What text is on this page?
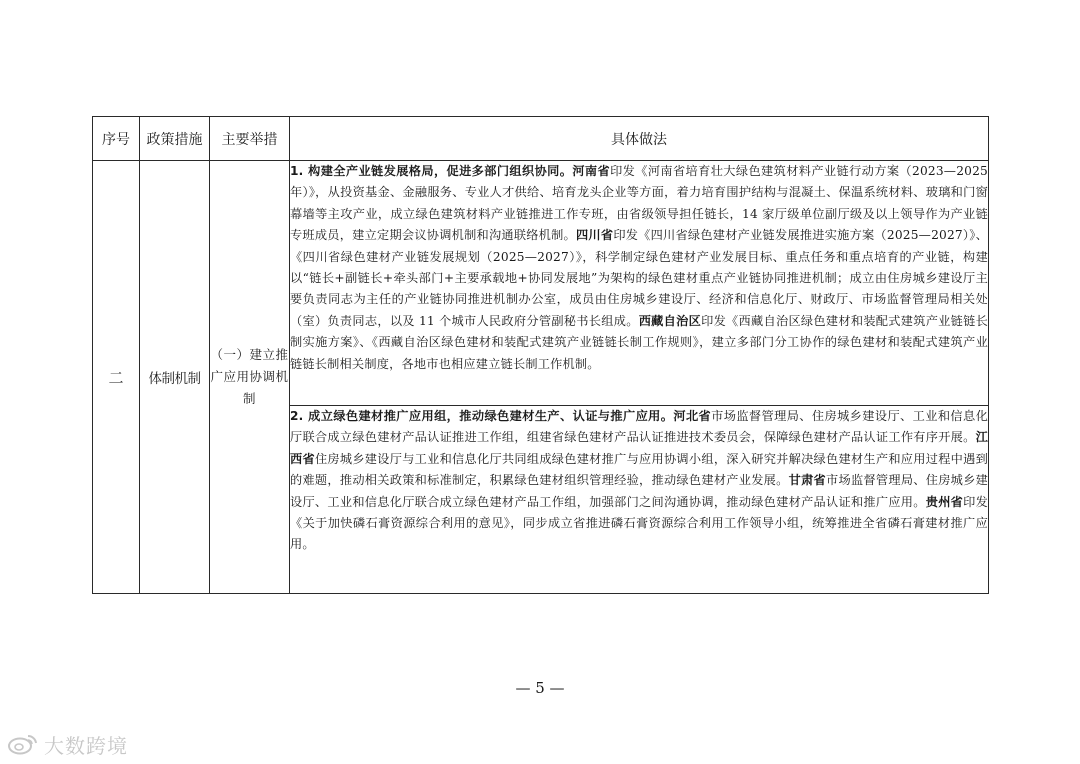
序号	政策措施	主要举措	具体做法
二	体制机制	（一）建立推广应用协调机制	1. 构建全产业链发展格局，促进多部门组织协同。河南省印发《河南省培育壮大绿色建筑材料产业链行动方案（2023—2025 年）》，从投资基金、金融服务、专业人才供给、培育龙头企业等方面，着力培育围护结构与混凝土、保温系统材料、玻璃和门窗幕墙等主攻产业，成立绿色建筑材料产业链推进工作专班，由省级领导担任链长，14 家厅级单位副厅级及以上领导作为产业链专班成员，建立定期会议协调机制和沟通联络机制。四川省印发《四川省绿色建材产业链发展推进实施方案（2025—2027）》、《四川省绿色建材产业链发展规划（2025—2027）》，科学制定绿色建材产业发展目标、重点任务和重点培育的产业链，构建以“链长+副链长+牵头部门+主要承载地+协同发展地”为架构的绿色建材重点产业链协同推进机制；成立由住房城乡建设厅主要负责同志为主任的产业链协同推进机制办公室，成员由住房城乡建设厅、经济和信息化厅、财政厅、市场监督管理局相关处（室）负责同志，以及 11 个城市人民政府分管副秘书长组成。西藏自治区印发《西藏自治区绿色建材和装配式建筑产业链链长制实施方案》、《西藏自治区绿色建材和装配式建筑产业链链长制工作规则》，建立多部门分工协作的绿色建材和装配式建筑产业链链长制相关制度，各地市也相应建立链长制工作机制。
			2. 成立绿色建材推广应用组，推动绿色建材生产、认证与推广应用。河北省市场监督管理局、住房城乡建设厅、工业和信息化厅联合成立绿色建材产品认证推进工作组，组建省绿色建材产品认证推进技术委员会，保障绿色建材产品认证工作有序开展。江西省住房城乡建设厅与工业和信息化厅共同组成绿色建材推广与应用协调小组，深入研究并解决绿色建材生产和应用过程中遇到的难题，推动相关政策和标准制定，积累绿色建材组织管理经验，推动绿色建材产业发展。甘肃省市场监督管理局、住房城乡建设厅、工业和信息化厅联合成立绿色建材产品工作组，加强部门之间沟通协调，推动绿色建材产品认证和推广应用。贵州省印发《关于加快磷石膏资源综合利用的意见》，同步成立省推进磷石膏资源综合利用工作领导小组，统筹推进全省磷石膏建材推广应用。
— 5 —
大数跨境
